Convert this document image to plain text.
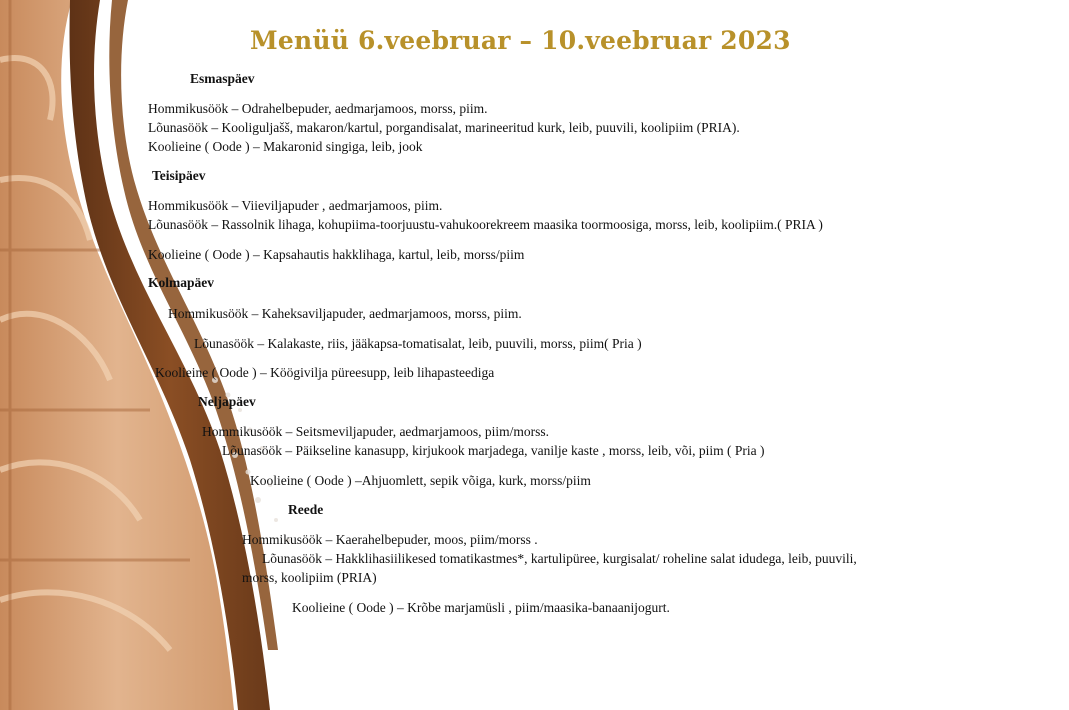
Menüü 6.veebruar – 10.veebruar 2023
Esmaspäev
Hommikusöök – Odrahelbepuder, aedmarjamoos, morss, piim.
Lõunasöök – Kooliguljašš, makaron/kartul, porgandisalat, marineeritud kurk, leib, puuvili, koolipiim (PRIA).
Koolieine ( Oode ) – Makaronid singiga, leib, jook
Teisipäev
Hommikusöök – Viieviljapuder , aedmarjamoos, piim.
Lõunasöök – Rassolnik lihaga, kohupiima-toorjuustu-vahukoorekreem maasika toormoosiga, morss, leib, koolipiim.( PRIA )
Koolieine ( Oode ) – Kapsahautis hakklihaga, kartul, leib, morss/piim
Kolmapäev
Hommikusöök – Kaheksaviljapuder, aedmarjamoos, morss, piim.
Lõunasöök – Kalakaste, riis, jääkapsa-tomatisalat, leib, puuvili, morss, piim( Pria )
Koolieine ( Oode ) – Köögivilja püreesupp, leib lihapasteediga
Neljapäev
Hommikusöök – Seitsmeviljapuder, aedmarjamoos, piim/morss.
Lõunasöök – Päikseline kanasupp, kirjukook marjadega, vanilje kaste , morss, leib, või, piim ( Pria )
Koolieine ( Oode ) –Ahjuomlett, sepik võiga, kurk, morss/piim
Reede
Hommikusöök – Kaerahelbepuder, moos, piim/morss .
Lõunasöök – Hakklihasiilikesed tomatikastmes*, kartulipüree, kurgisalat/ roheline salat idudega, leib, puuvili,
morss, koolipiim (PRIA)
Koolieine ( Oode ) – Krõbe marjamüsli , piim/maasika-banaanijogurt.
